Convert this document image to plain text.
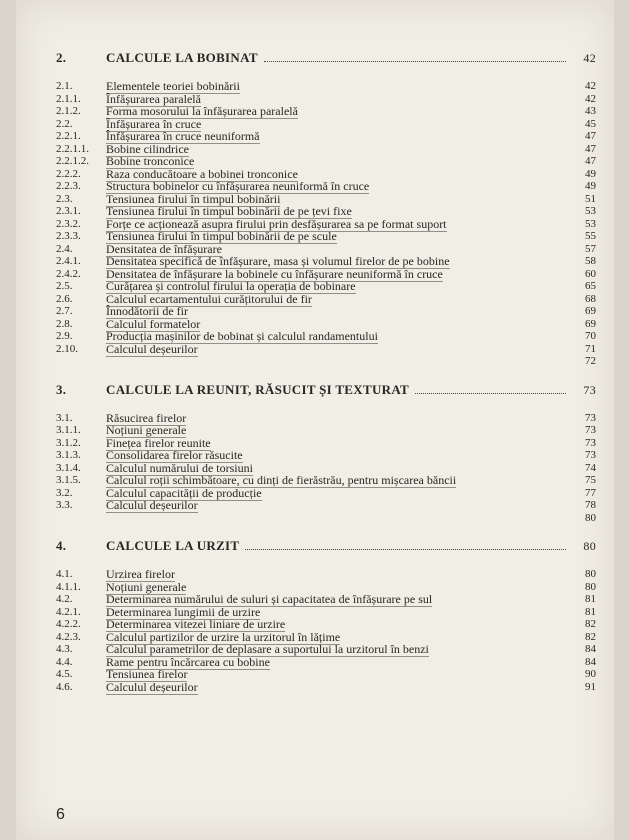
2.	CALCULE LA BOBINAT	42
2.1.	Elementele teoriei bobinării	42
2.1.1.	Înfășurarea paralelă	42
2.1.2.	Forma mosorului la înfășurarea paralelă	43
2.2.	Înfășurarea în cruce	45
2.2.1.	Înfășurarea în cruce neuniformă	47
2.2.1.1.	Bobine cilindrice	47
2.2.1.2.	Bobine tronconice	47
2.2.2.	Raza conducătoare a bobinei tronconice	49
2.2.3.	Structura bobinelor cu înfășurarea neuniformă în cruce	49
2.3.	Tensiunea firului în timpul bobinării	51
2.3.1.	Tensiunea firului în timpul bobinării de pe țevi fixe	53
2.3.2.	Forțe ce acționează asupra firului prin desfășurarea sa pe format suport	53
2.3.3.	Tensiunea firului în timpul bobinării de pe scule	55
2.4.	Densitatea de înfășurare	57
2.4.1.	Densitatea specifică de înfășurare, masa și volumul firelor de pe bobine	58
2.4.2.	Densitatea de înfășurare la bobinele cu înfășurare neuniformă în cruce	60
2.5.	Curățarea și controlul firului la operația de bobinare	65
2.6.	Calculul ecartamentului curățitorului de fir	68
2.7.	Înnodătorii de fir	69
2.8.	Calculul formatelor	69
2.9.	Producția mașinilor de bobinat și calculul randamentului	70
2.10.	Calculul deșeurilor	71
72
3.	CALCULE LA REUNIT, RĂSUCIT ȘI TEXTURAT	73
3.1.	Răsucirea firelor	73
3.1.1.	Noțiuni generale	73
3.1.2.	Finețea firelor reunite	73
3.1.3.	Consolidarea firelor răsucite	73
3.1.4.	Calculul numărului de torsiuni	74
3.1.5.	Calculul roții schimbătoare, cu dinți de fierăstrău, pentru mișcarea băncii	75
3.2.	Calculul capacității de producție	77
3.3.	Calculul deșeurilor	78
80
4.	CALCULE LA URZIT	80
4.1.	Urzirea firelor	80
4.1.1.	Noțiuni generale	80
4.2.	Determinarea numărului de suluri și capacitatea de înfășurare pe sul	81
4.2.1.	Determinarea lungimii de urzire	81
4.2.2.	Determinarea vitezei liniare de urzire	82
4.2.3.	Calculul partizilor de urzire la urzitorul în lățime	82
4.3.	Calculul parametrilor de deplasare a suportului la urzitorul în benzi	84
4.4.	Rame pentru încărcarea cu bobine	84
4.5.	Tensiunea firelor	90
4.6.	Calculul deșeurilor	91
6
